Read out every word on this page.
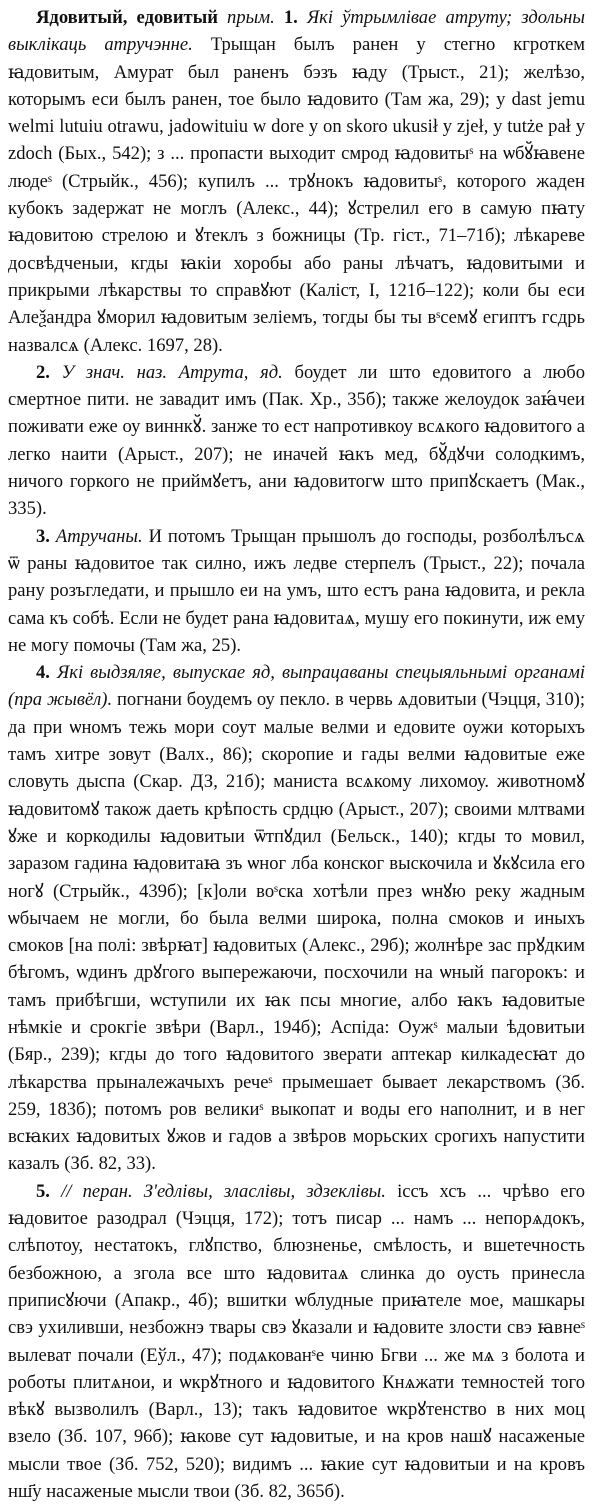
Ядовитый, едовитый прым. 1. Які ўтрымлівае атруту; здольны выклікаць атручэнне. Трыщан былъ ранен у стегно кгроткем ꙗдовитым, Амурат был раненъ бэзъ ꙗду (Трыст., 21); желѣзо, которымъ еси былъ ранен, тое было ꙗдовито (Там жа, 29); y dast jemu welmi lutuiu otrawu, jadowituiu w dore y on skoro ukusił y zjeł, y tutże pał y zdoch (Бых., 542); з ... пропасти выходит смрод ꙗдовитыˢ на ѡбꙋ̆ꙗвене людеˢ (Стрыйк., 456); купилъ ... трꙋнокъ ꙗдовитыˢ, которого жаден кубокъ задержат не моглъ (Алекс., 44); ꙋстрелил его в самую пꙗту ꙗдовитою стрелою и ꙋтеклъ з божницы (Тр. гіст., 71–71б); лѣкареве досвѣдченыи, кгды ꙗкіи хоробы або раны лѣчатъ, ꙗдовитыми и прикрыми лѣкарствы то справꙋют (Каліст, І, 121б–122); коли бы еси Алеѯандра ꙋморил ꙗдовитым зеліемъ, тогды бы ты вˢсемꙋ египтъ гсдрь назвалсѧ (Алекс. 1697, 28).

2. У знач. наз. Атрута, яд. боудет ли што едовитого а любо смертное пити. не завадит имъ (Пак. Хр., 35б); также желоудок заꙗ́чеи поживати еже оу виннкꙋ̆. занже то ест напротивкоу всѧкого ꙗдовитого а легко наити (Арыст., 207); не иначей ꙗкъ мед, бꙋ̆дꙋчи солодкимъ, ничого горкого не приймꙋетъ, ани ꙗдовитогѡ што припꙋскаетъ (Мак., 335).

3. Атручаны. И потомъ Трыщан прышолъ до господы, розболѣлъсѧ ѿ раны ꙗдовитое так силно, ижъ ледве стерпелъ (Трыст., 22); почала рану розъгледати, и прышло еи на умъ, што естъ рана ꙗдовита, и рекла сама къ собѣ. Если не будет рана ꙗдовитаѧ, мушу его покинути, иж ему не могу помочы (Там жа, 25).

4. Які выдзяляе, выпускае яд, выпрацаваны спецыяльнымі органамі (пра жывёл). погнани боудемъ оу пекло. в червь ѧдовитыи (Чэцця, 310); да при ѡномъ тежь мори соут малые велми и едовите оужи которыхъ тамъ хитре зовут (Валх., 86); скоропие и гады велми ꙗдовитые еже словуть дыспа (Скар. ДЗ, 21б); маниста всѧкому лихомоу. животномꙋ ꙗдовитомꙋ також даеть крѣпость срдцю (Арыст., 207); своими млтвами ꙋже и коркодилы ꙗдовитыи ѿтпꙋдил (Бельск., 140); кгды то мовил, заразом гадина ꙗдовитаꙗ зъ ѡног лба конског выскочила и ꙋкꙋсила его ногꙋ (Стрыйк., 439б); [к]оли воˢска хотѣли през ѡнꙋю реку жадным ѡбычаем не могли, бо была велми широка, полна смоков и иныхъ смоков [на полі: звѣрꙗт] ꙗдовитых (Алекс., 29б); жолнѣре зас прꙋдким бѣгомъ, ѡдинъ дрꙋгого выпережаючи, посхочили на ѡный пагорокъ: и тамъ прибѣгши, ѡступили их ꙗк псы многие, албо ꙗкъ ꙗдовитые нѣмкіе и срокгіе звѣри (Варл., 194б); Аспіда: Оужˢ малыи ѣдовитыи (Бяр., 239); кгды до того ꙗдовитого зверати аптекар килкадесꙗт до лѣкарства прыналежачыхъ речеˢ прымешает бывает лекарствомъ (Зб. 259, 183б); потомъ ров великиˢ выкопат и воды его наполнит, и в нег всꙗких ꙗдовитых ꙋжов и гадов а звѣров морьских срогихъ напустити казалъ (Зб. 82, 33).

5. // перан. З'едлівы, зласлівы, здзеклівы. іссъ хсъ ... чрѣво его ꙗдовитое разодрал (Чэцця, 172); тотъ писар ... намъ ... непорѧдокъ, слѣпотоу, нестатокъ, глꙋпство, блюзненье, смѣлость, и вшетечность безбожною, а згола все што ꙗдовитаѧ слинка до оусть принесла приписꙋючи (Апакр., 4б); вшитки ѡблудные приꙗтеле мое, машкары свэ ухиливши, незбожнэ твары свэ ꙋказали и ꙗдовите злости свэ ꙗвнеˢ вылеват почали (Еўл., 47); подѧкованˢе чиню Бгви ... же мѧ з болота и роботы плитѧнои, и ѡкрꙋтного и ꙗдовитого Кнѧжати темностей того вѣкꙋ вызволилъ (Варл., 13); такъ ꙗдовитое ѡкрꙋтенство в них моц взело (Зб. 107, 96б); ꙗкове сут ꙗдовитые, и на кров нашꙋ насаженые мысли твое (Зб. 752, 520); видимъ ... ꙗкие сут ꙗдовитыи и на кровъ нш҃у насаженые мысли твои (Зб. 82, 365б).
